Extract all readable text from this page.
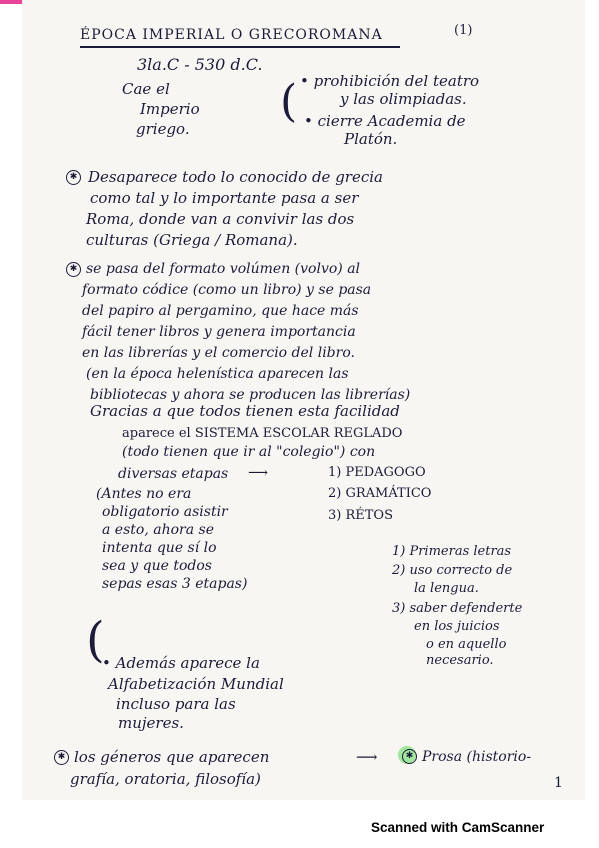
ÉPOCA IMPERIAL O GRECOROMANA	(1)
3la.C - 530 d.C.
Cae el
Imperio
griego.
( • prohibición del teatro
y las olimpiadas.
• cierre Academia de
Platón.
✱ Desaparece todo lo conocido de grecia
como tal y lo importante pasa a ser
Roma, donde van a convivir las dos
culturas (Griega / Romana).
✱ se pasa del formato volúmen (volvo) al
formato códice (como un libro) y se pasa
del papiro al pergamino, que hace más
fácil tener libros y genera importancia
en las librerías y el comercio del libro.
(en la época helenística aparecen las
bibliotecas y ahora se producen las librerías)
Gracias a que todos tienen esta facilidad
aparece el SISTEMA ESCOLAR REGLADO
(todo tienen que ir al "colegio") con
diversas etapas ⟶	1) PEDAGOGO
2) GRAMÁTICO
3) RÉTOS
(Antes no era
obligatorio asistir
a esto, ahora se
intenta que sí lo
sea y que todos
sepas esas 3 etapas)
1) Primeras letras
2) uso correcto de
la lengua.
3) saber defenderte
en los juicios
o en aquello
necesario.
(
• Además aparece la
Alfabetización Mundial
incluso para las
mujeres.
✱ los géneros que aparecen	⟶	✱ Prosa (historio-
grafía, oratoria, filosofía)	1
Scanned with CamScanner
